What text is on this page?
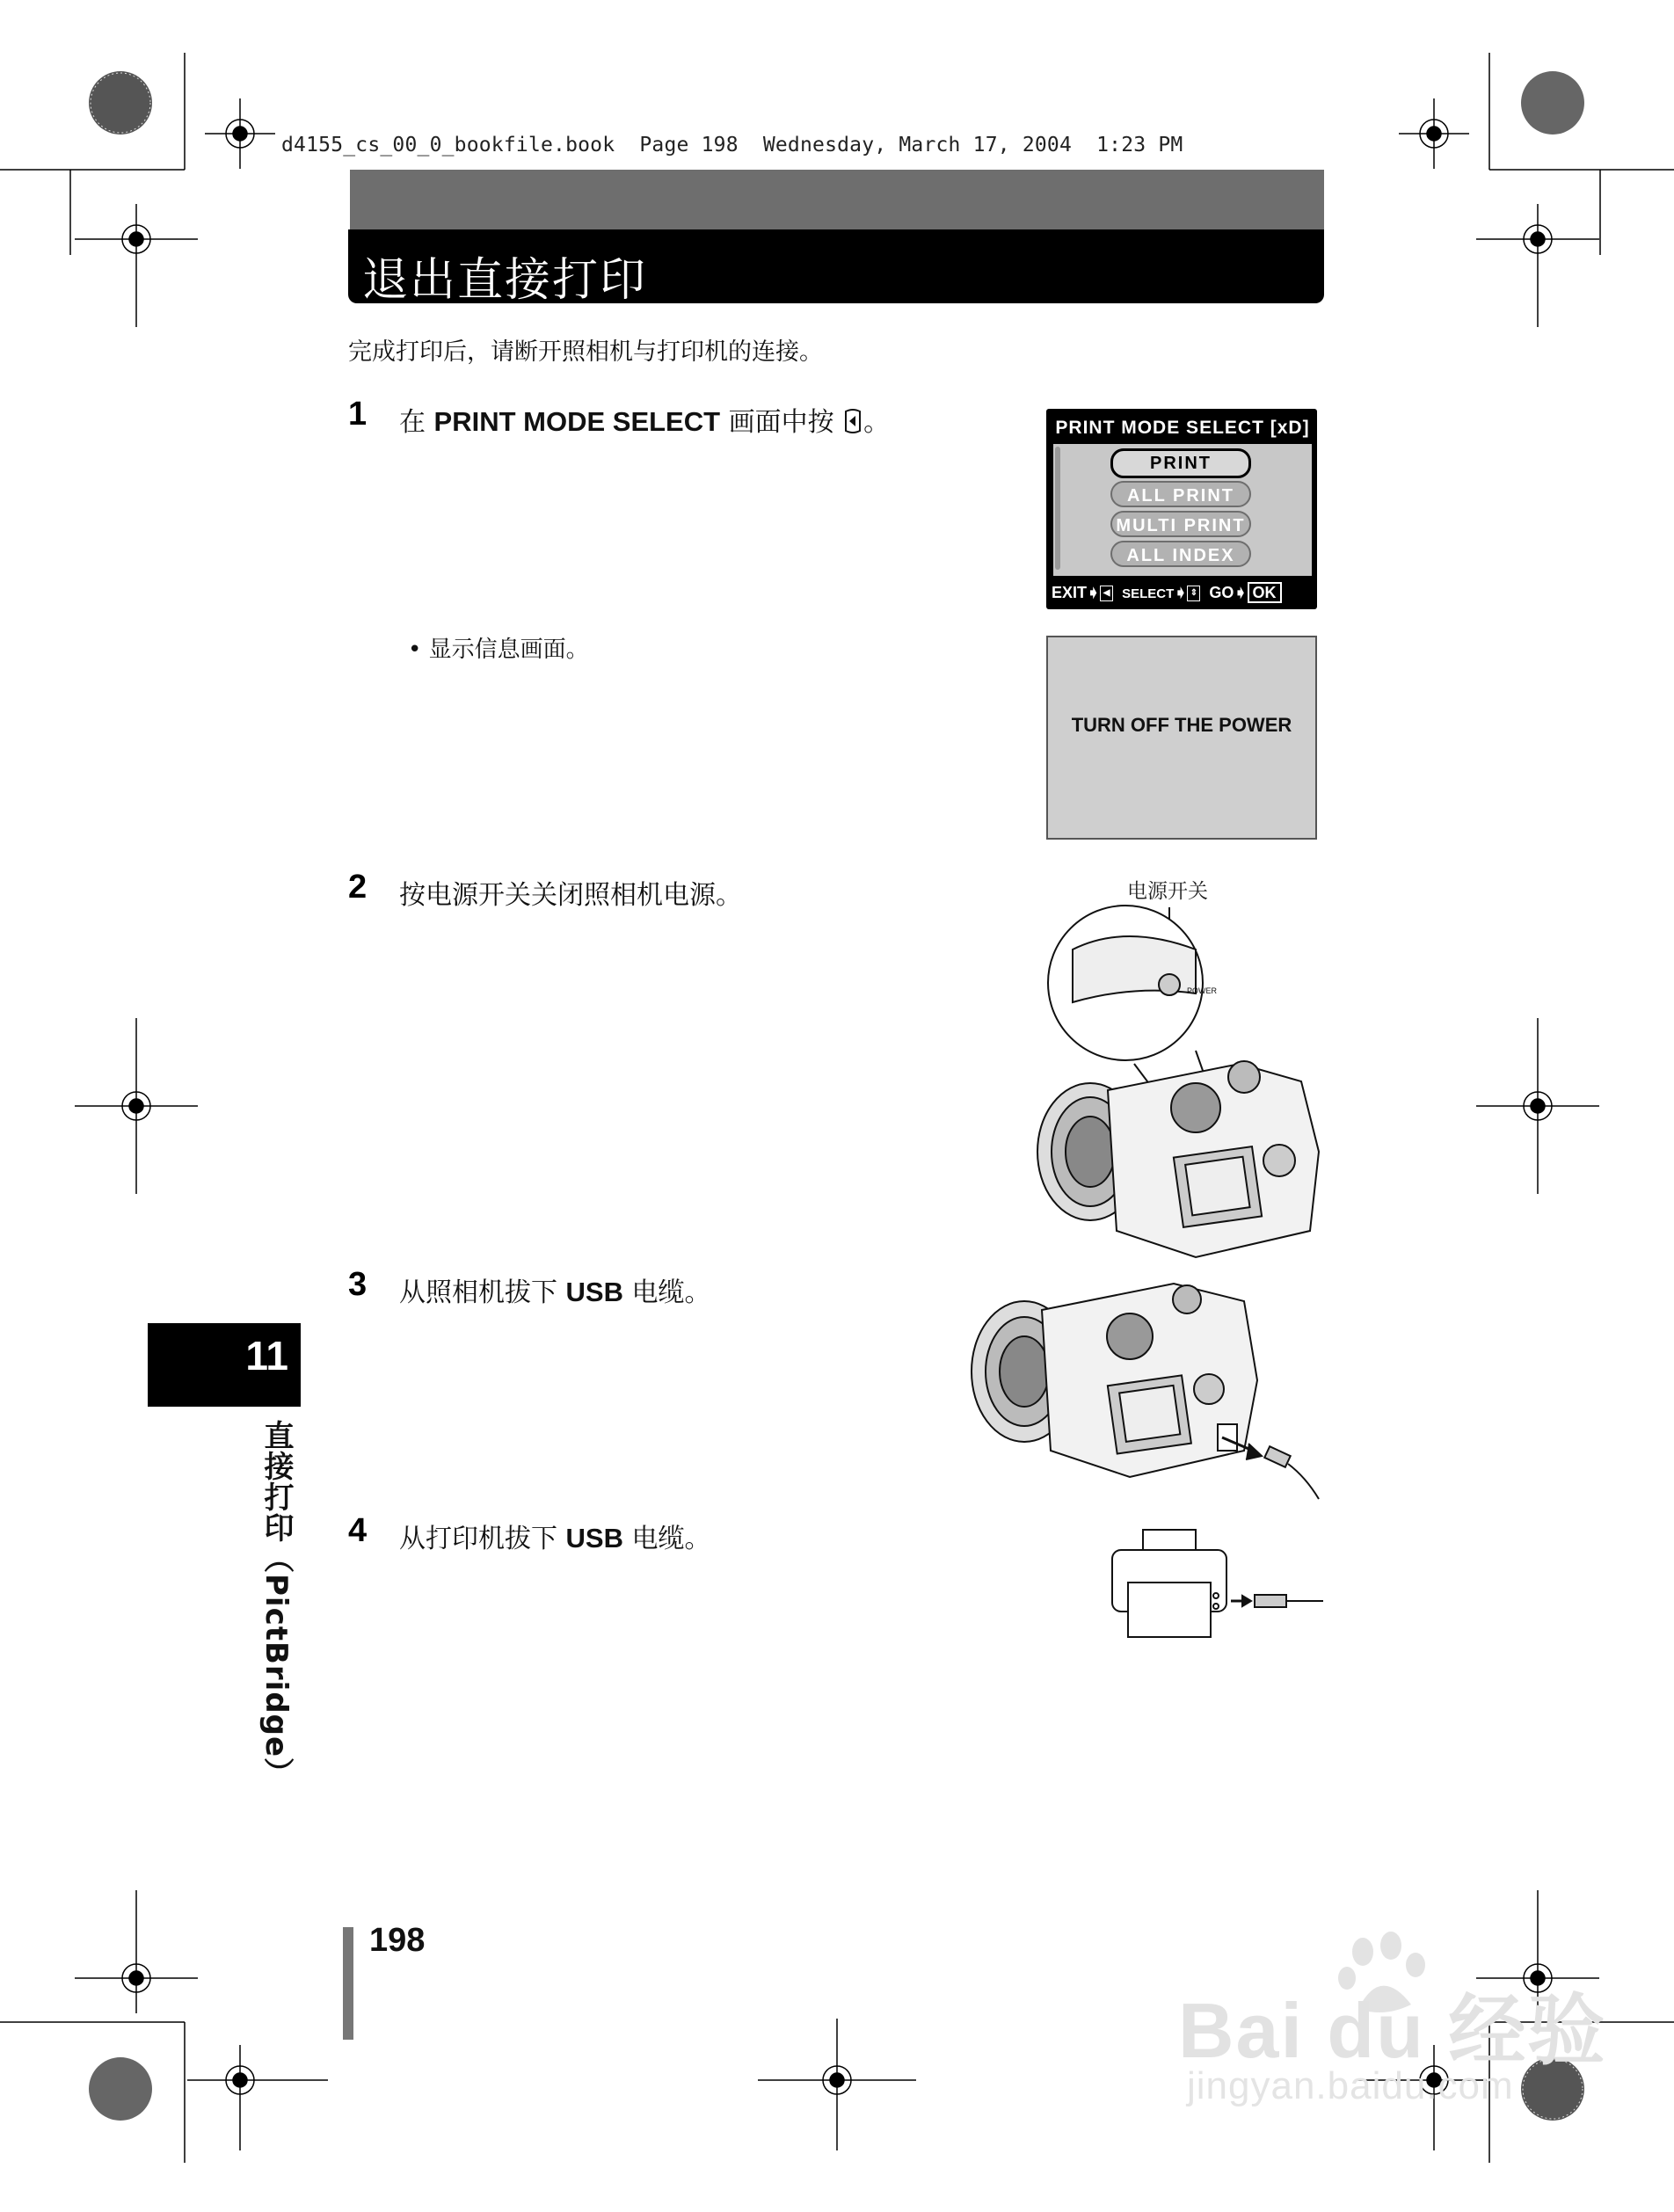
d4155_cs_00_0_bookfile.book  Page 198  Wednesday, March 17, 2004  1:23 PM
退出直接打印
完成打印后，请断开照相机与打印机的连接。
1 在 PRINT MODE SELECT 画面中按 。	PRINT MODE SELECT [xD]
PRINT
ALL PRINT
MULTI PRINT
ALL INDEX
EXIT➧ ◀ SELECT➧ ⇕ GO➧ OK
• 显示信息画面。
TURN OFF THE POWER
2 按电源开关关闭照相机电源。	电源开关
POWER
3 从照相机拔下 USB 电缆。
4 从打印机拔下 USB 电缆。
11
直接打印（PictBridge）
198
Bai du 经验
jingyan.baidu.com
